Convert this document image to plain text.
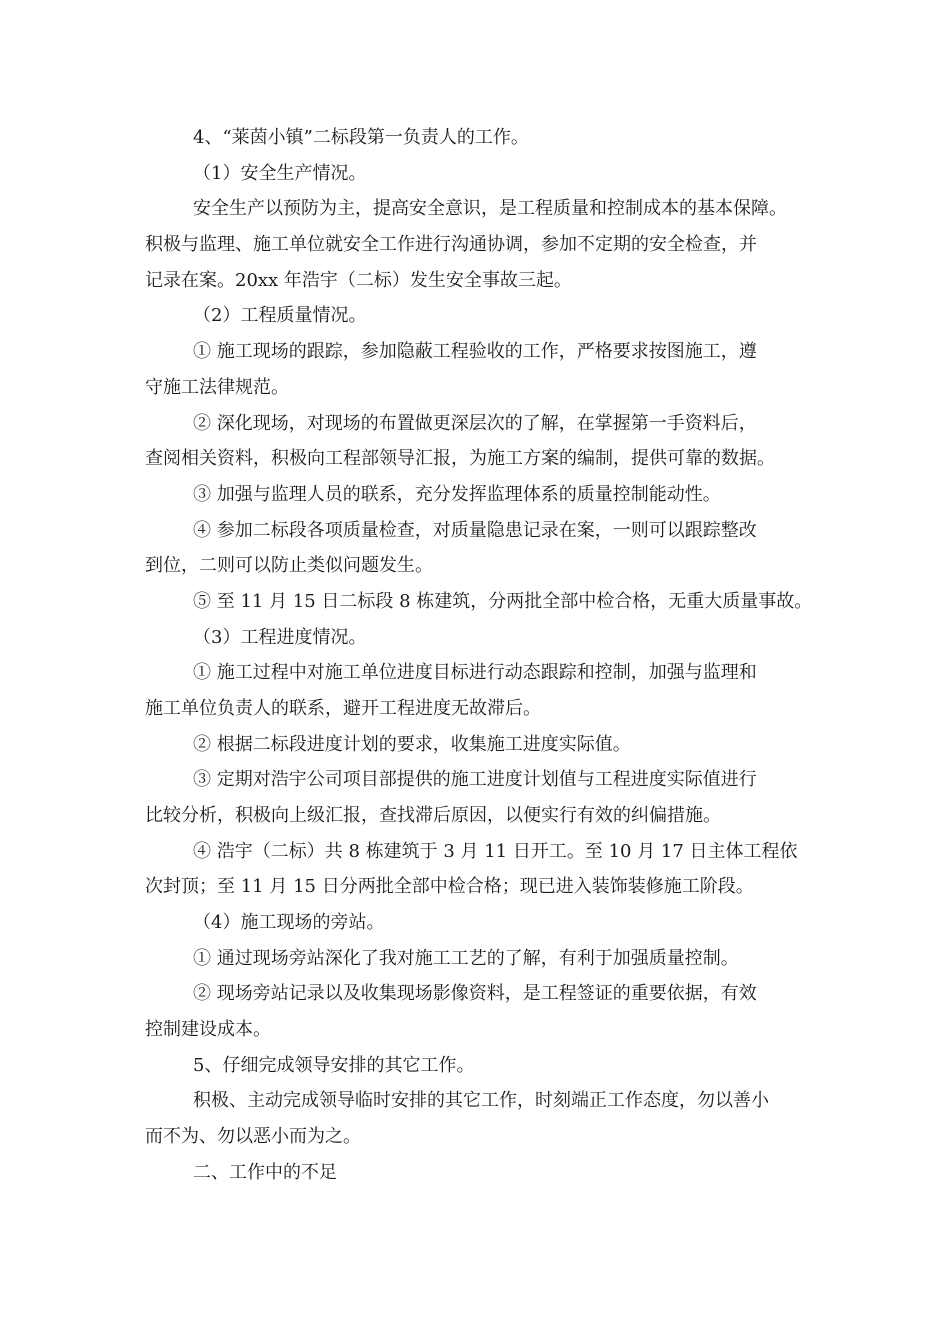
4、“莱茵小镇”二标段第一负责人的工作。
（1）安全生产情况。
安全生产以预防为主，提高安全意识，是工程质量和控制成本的基本保障。
积极与监理、施工单位就安全工作进行沟通协调，参加不定期的安全检查，并
记录在案。20xx 年浩宇（二标）发生安全事故三起。
（2）工程质量情况。
① 施工现场的跟踪，参加隐蔽工程验收的工作，严格要求按图施工，遵
守施工法律规范。
② 深化现场，对现场的布置做更深层次的了解，在掌握第一手资料后，
查阅相关资料，积极向工程部领导汇报，为施工方案的编制，提供可靠的数据。
③ 加强与监理人员的联系，充分发挥监理体系的质量控制能动性。
④ 参加二标段各项质量检查，对质量隐患记录在案，一则可以跟踪整改
到位，二则可以防止类似问题发生。
⑤ 至 11 月 15 日二标段 8 栋建筑，分两批全部中检合格，无重大质量事故。
（3）工程进度情况。
① 施工过程中对施工单位进度目标进行动态跟踪和控制，加强与监理和
施工单位负责人的联系，避开工程进度无故滞后。
② 根据二标段进度计划的要求，收集施工进度实际值。
③ 定期对浩宇公司项目部提供的施工进度计划值与工程进度实际值进行
比较分析，积极向上级汇报，查找滞后原因，以便实行有效的纠偏措施。
④ 浩宇（二标）共 8 栋建筑于 3 月 11 日开工。至 10 月 17 日主体工程依
次封顶；至 11 月 15 日分两批全部中检合格；现已进入装饰装修施工阶段。
（4）施工现场的旁站。
① 通过现场旁站深化了我对施工工艺的了解，有利于加强质量控制。
② 现场旁站记录以及收集现场影像资料，是工程签证的重要依据，有效
控制建设成本。
5、仔细完成领导安排的其它工作。
积极、主动完成领导临时安排的其它工作，时刻端正工作态度，勿以善小
而不为、勿以恶小而为之。
二、工作中的不足
